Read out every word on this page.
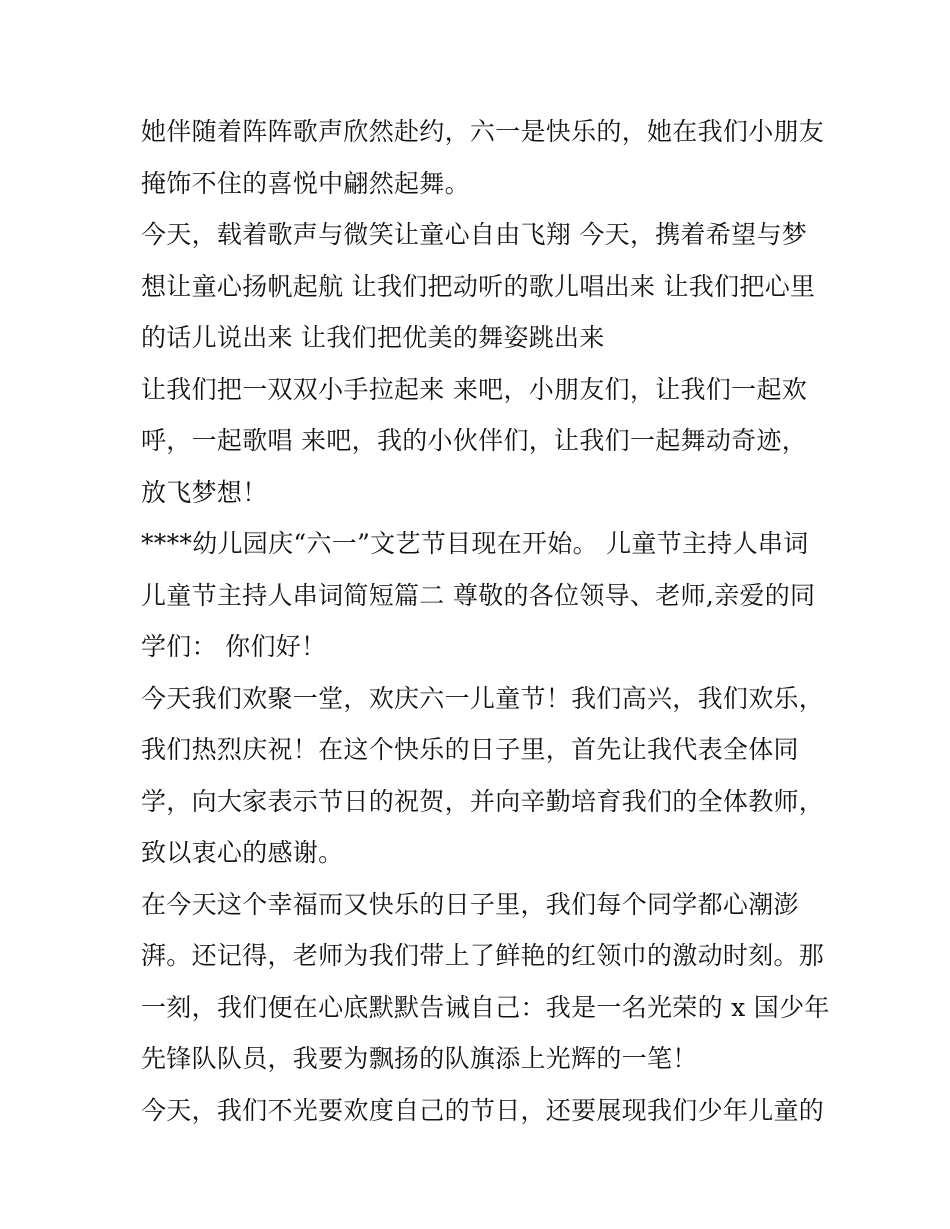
她伴随着阵阵歌声欣然赴约，六一是快乐的，她在我们小朋友
掩饰不住的喜悦中翩然起舞。
今天，载着歌声与微笑让童心自由飞翔 今天，携着希望与梦
想让童心扬帆起航 让我们把动听的歌儿唱出来 让我们把心里
的话儿说出来 让我们把优美的舞姿跳出来
让我们把一双双小手拉起来 来吧，小朋友们，让我们一起欢
呼，一起歌唱 来吧，我的小伙伴们，让我们一起舞动奇迹，
放飞梦想！
****幼儿园庆“六一”文艺节目现在开始。 儿童节主持人串词
儿童节主持人串词简短篇二 尊敬的各位领导、老师,亲爱的同
学们： 你们好！
今天我们欢聚一堂，欢庆六一儿童节！我们高兴，我们欢乐，
我们热烈庆祝！在这个快乐的日子里，首先让我代表全体同
学，向大家表示节日的祝贺，并向辛勤培育我们的全体教师，
致以衷心的感谢。
在今天这个幸福而又快乐的日子里，我们每个同学都心潮澎
湃。还记得，老师为我们带上了鲜艳的红领巾的激动时刻。那
一刻，我们便在心底默默告诫自己：我是一名光荣的 x 国少年
先锋队队员，我要为飘扬的队旗添上光辉的一笔！
今天，我们不光要欢度自己的节日，还要展现我们少年儿童的
